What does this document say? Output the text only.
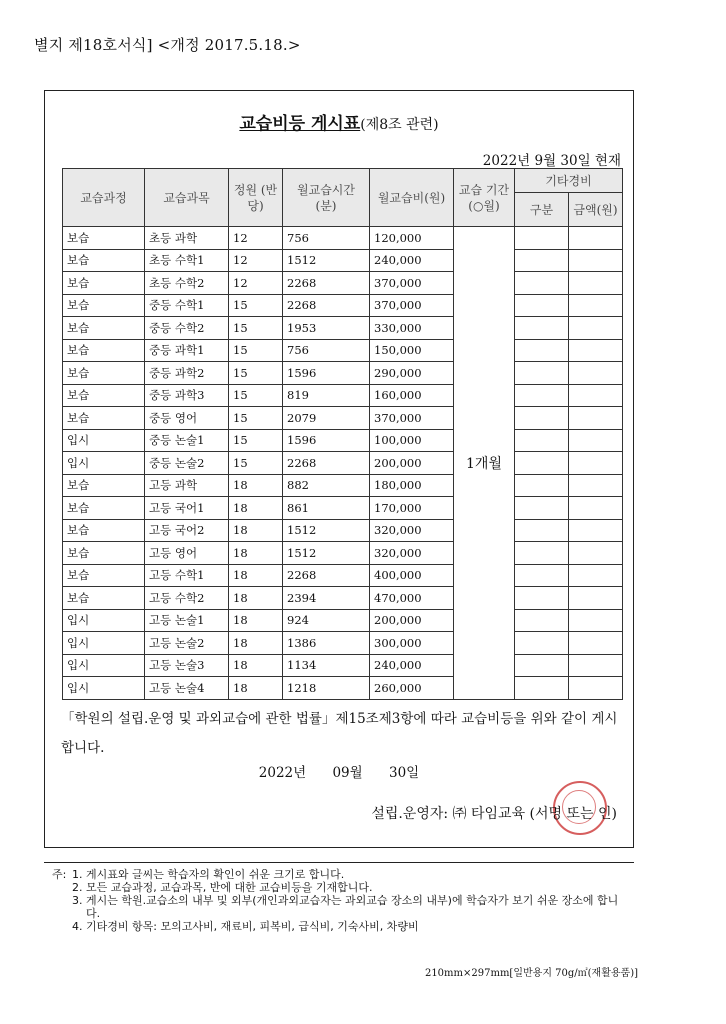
별지 제18호서식] <개정 2017.5.18.>
교습비등 게시표(제8조 관련)
2022년 9월 30일 현재
교습과정	교습과목	정원 (반당)	월교습시간(분)	월교습비(원)	교습 기간 (○월)	기타경비	
						구분	금액(원)
보습	초등 과학	12	756	120,000	1개월		
보습	초등 수학1	12	1512	240,000			
보습	초등 수학2	12	2268	370,000			
보습	중등 수학1	15	2268	370,000			
보습	중등 수학2	15	1953	330,000			
보습	중등 과학1	15	756	150,000			
보습	중등 과학2	15	1596	290,000			
보습	중등 과학3	15	819	160,000			
보습	중등 영어	15	2079	370,000			
입시	중등 논술1	15	1596	100,000			
입시	중등 논술2	15	2268	200,000			
보습	고등 과학	18	882	180,000			
보습	고등 국어1	18	861	170,000			
보습	고등 국어2	18	1512	320,000			
보습	고등 영어	18	1512	320,000			
보습	고등 수학1	18	2268	400,000			
보습	고등 수학2	18	2394	470,000			
입시	고등 논술1	18	924	200,000			
입시	고등 논술2	18	1386	300,000			
입시	고등 논술3	18	1134	240,000			
입시	고등 논술4	18	1218	260,000			
「학원의 설립.운영 및 과외교습에 관한 법률」제15조제3항에 따라 교습비등을 위와 같이 게시합니다.
2022년 09월 30일
설립.운영자: ㈜ 타임교육 (서명 또는 인)
주: 1. 게시표와 글씨는 학습자의 확인이 쉬운 크기로 합니다.
2. 모든 교습과정, 교습과목, 반에 대한 교습비등을 기재합니다.
3. 게시는 학원.교습소의 내부 및 외부(개인과외교습자는 과외교습 장소의 내부)에 학습자가 보기 쉬운 장소에 합니다.
4. 기타경비 항목: 모의고사비, 재료비, 피복비, 급식비, 기숙사비, 차량비
210mm×297mm[일반용지 70g/㎡(재활용품)]
